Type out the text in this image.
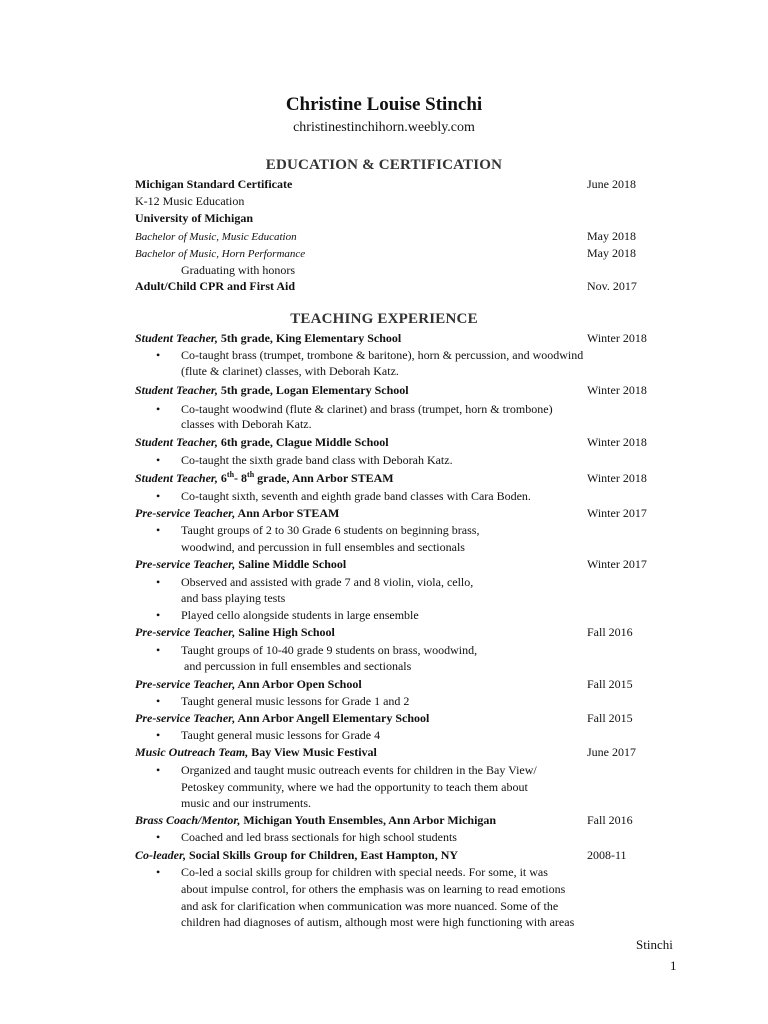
Christine Louise Stinchi
christinestinchihorn.weebly.com
EDUCATION & CERTIFICATION
Michigan Standard Certificate	June 2018
K-12 Music Education
University of Michigan
Bachelor of Music, Music Education	May 2018
Bachelor of Music, Horn Performance	May 2018
Graduating with honors
Adult/Child CPR and First Aid	Nov. 2017
TEACHING EXPERIENCE
Student Teacher, 5th grade, King Elementary School	Winter 2018
• Co-taught brass (trumpet, trombone & baritone), horn & percussion, and woodwind
(flute & clarinet) classes, with Deborah Katz.
Student Teacher, 5th grade, Logan Elementary School	Winter 2018
• Co-taught woodwind (flute & clarinet) and brass (trumpet, horn & trombone)
classes with Deborah Katz.
Student Teacher, 6th grade, Clague Middle School	Winter 2018
• Co-taught the sixth grade band class with Deborah Katz.
Student Teacher, 6th- 8th grade, Ann Arbor STEAM	Winter 2018
• Co-taught sixth, seventh and eighth grade band classes with Cara Boden.
Pre-service Teacher, Ann Arbor STEAM	Winter 2017
• Taught groups of 2 to 30 Grade 6 students on beginning brass,
woodwind, and percussion in full ensembles and sectionals
Pre-service Teacher, Saline Middle School	Winter 2017
• Observed and assisted with grade 7 and 8 violin, viola, cello,
and bass playing tests
• Played cello alongside students in large ensemble
Pre-service Teacher, Saline High School	Fall 2016
• Taught groups of 10-40 grade 9 students on brass, woodwind,
and percussion in full ensembles and sectionals
Pre-service Teacher, Ann Arbor Open School	Fall 2015
• Taught general music lessons for Grade 1 and 2
Pre-service Teacher, Ann Arbor Angell Elementary School	Fall 2015
• Taught general music lessons for Grade 4
Music Outreach Team, Bay View Music Festival	June 2017
• Organized and taught music outreach events for children in the Bay View/
Petoskey community, where we had the opportunity to teach them about
music and our instruments.
Brass Coach/Mentor, Michigan Youth Ensembles, Ann Arbor Michigan	Fall 2016
• Coached and led brass sectionals for high school students
Co-leader, Social Skills Group for Children, East Hampton, NY	2008-11
• Co-led a social skills group for children with special needs. For some, it was
about impulse control, for others the emphasis was on learning to read emotions
and ask for clarification when communication was more nuanced. Some of the
children had diagnoses of autism, although most were high functioning with areas
Stinchi
1
